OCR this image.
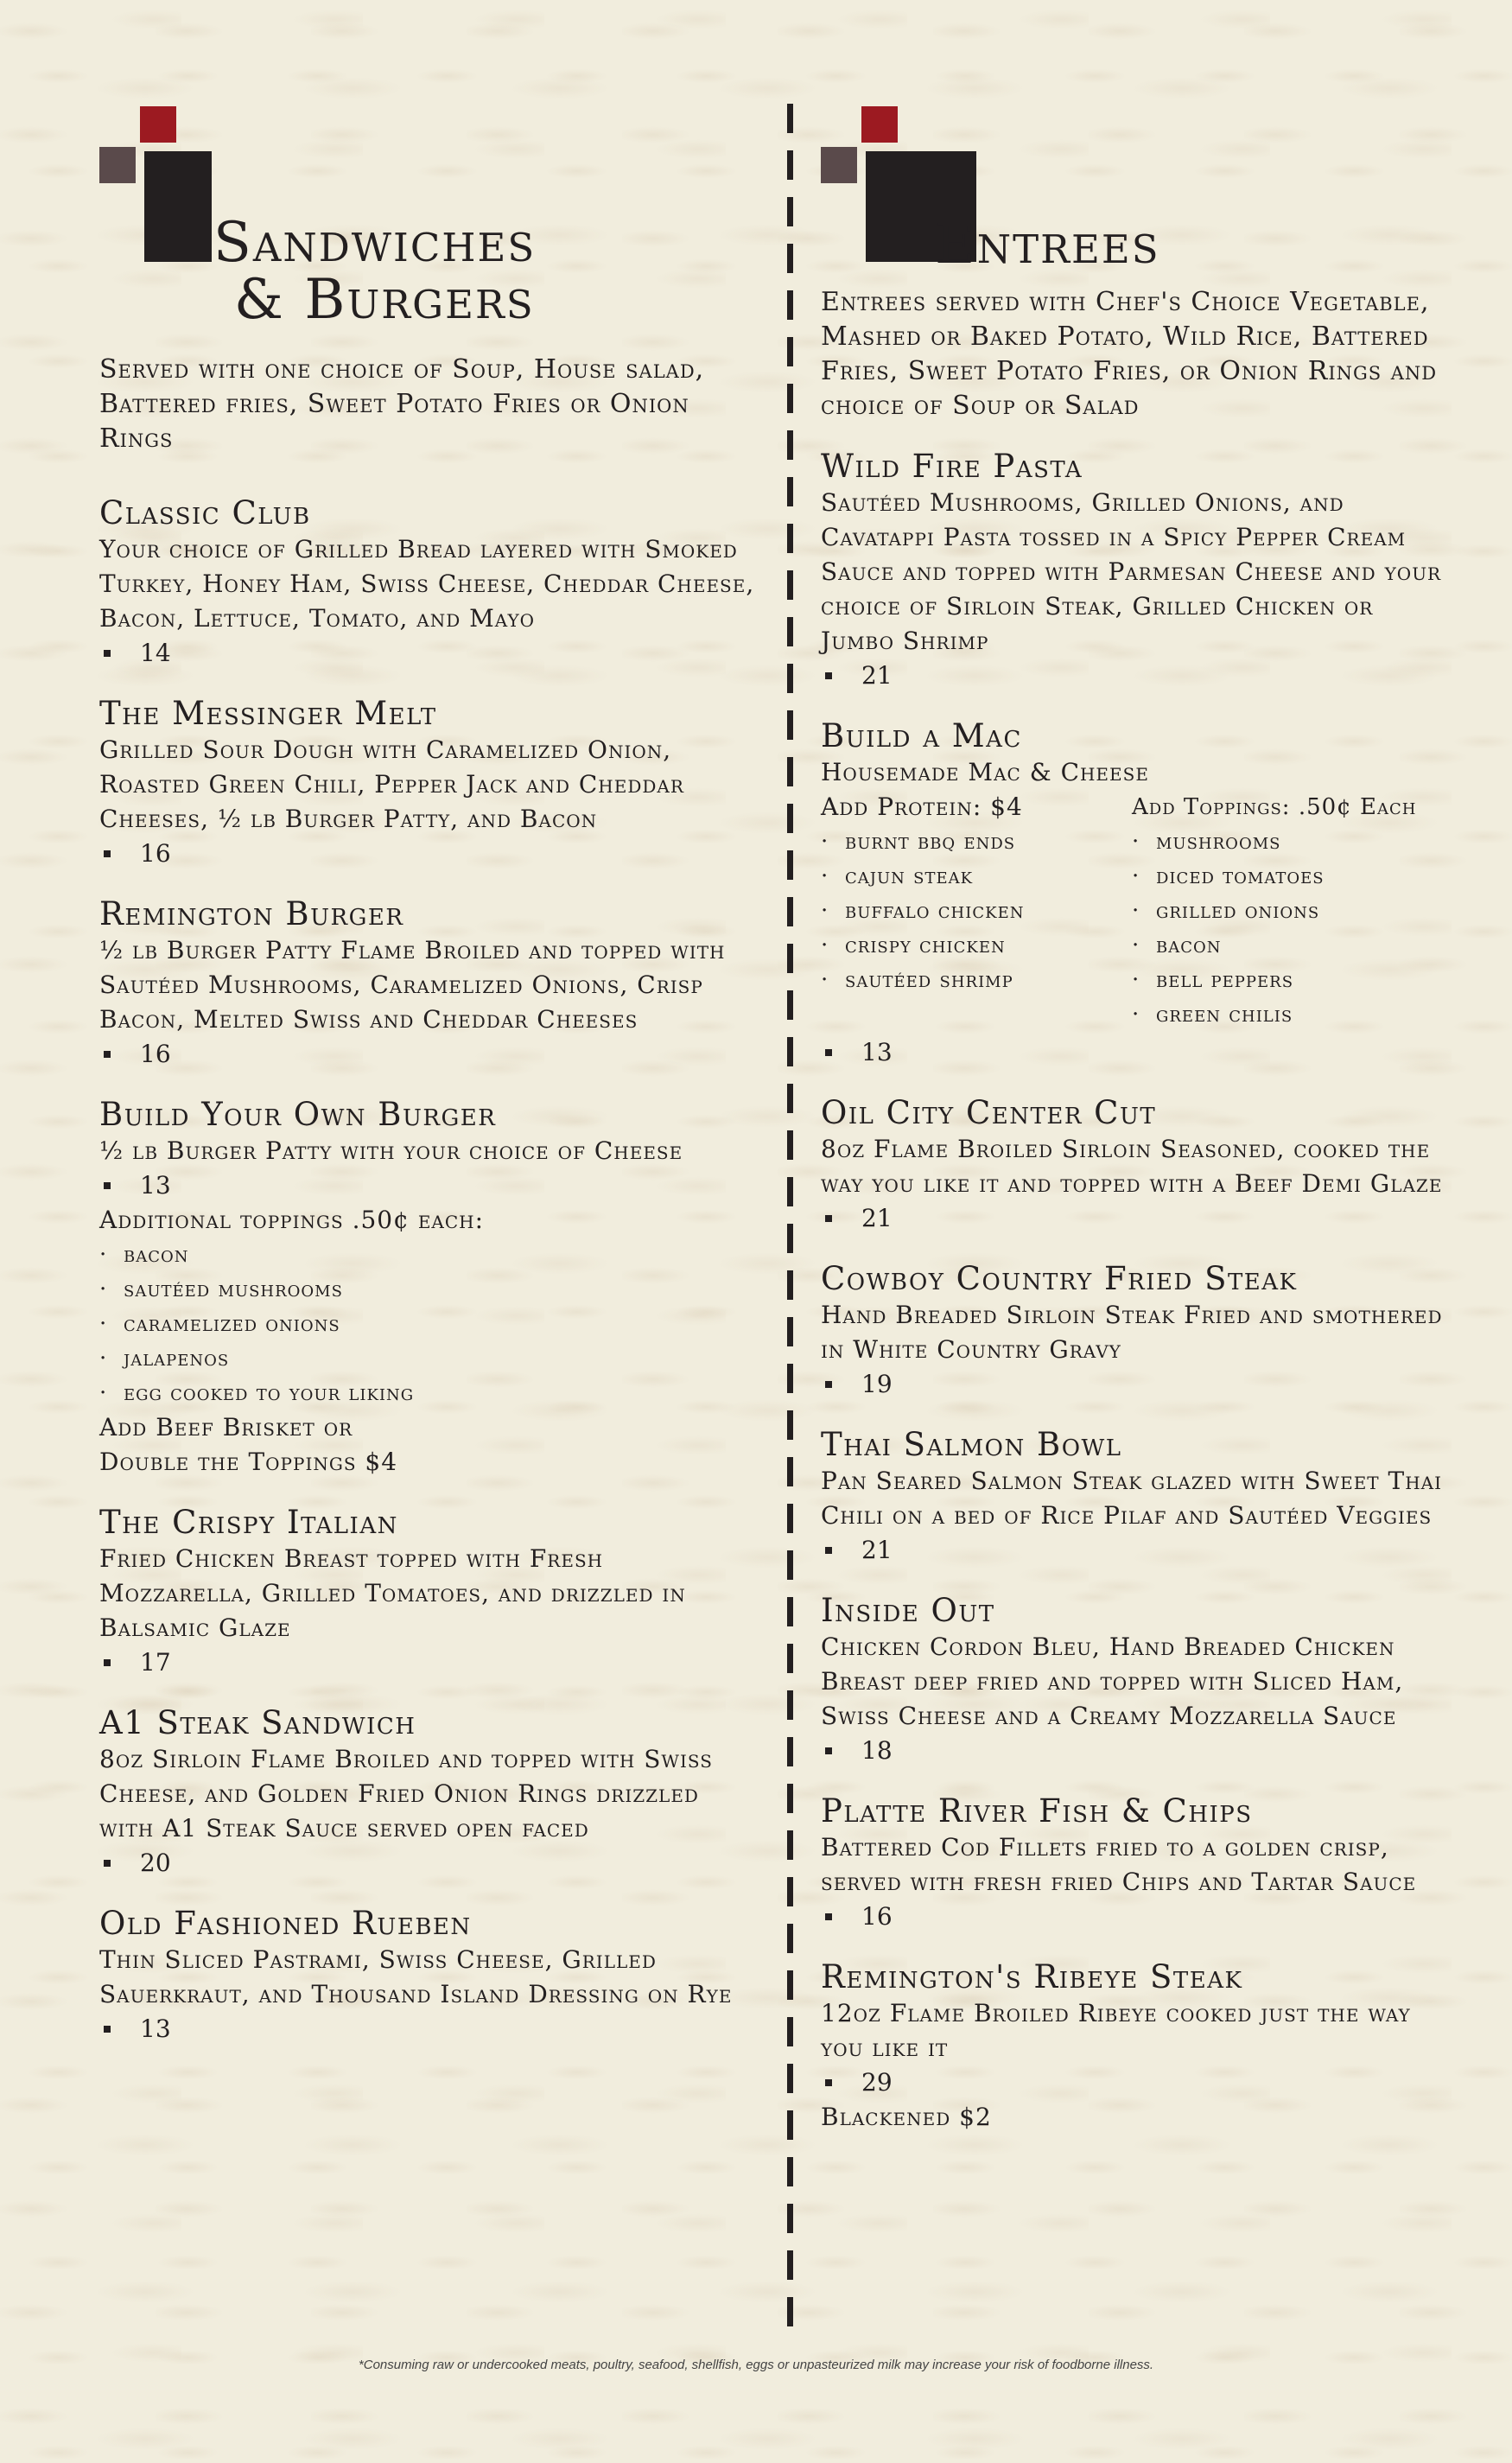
Sandwiches
& Burgers
Served with one choice of Soup, House salad, Battered fries, Sweet Potato Fries or Onion Rings
Classic Club
Your choice of Grilled Bread layered with Smoked Turkey, Honey Ham, Swiss Cheese, Cheddar Cheese, Bacon, Lettuce, Tomato, and Mayo
14
The Messinger Melt
Grilled Sour Dough with Caramelized Onion, Roasted Green Chili, Pepper Jack and Cheddar Cheeses, ½ lb Burger Patty, and Bacon
16
Remington Burger
½ lb Burger Patty Flame Broiled and topped with Sautéed Mushrooms, Caramelized Onions, Crisp Bacon, Melted Swiss and Cheddar Cheeses
16
Build Your Own Burger
½ lb Burger Patty with your choice of Cheese
13
Additional toppings .50¢ each:
· bacon
· sautéed mushrooms
· caramelized onions
· jalapenos
· egg cooked to your liking
Add Beef Brisket or
Double the Toppings $4
The Crispy Italian
Fried Chicken Breast topped with Fresh Mozzarella, Grilled Tomatoes, and drizzled in Balsamic Glaze
17
A1 Steak Sandwich
8oz Sirloin Flame Broiled and topped with Swiss Cheese, and Golden Fried Onion Rings drizzled with A1 Steak Sauce served open faced
20
Old Fashioned Rueben
Thin Sliced Pastrami, Swiss Cheese, Grilled Sauerkraut, and Thousand Island Dressing on Rye
13
Entrees
Entrees served with Chef's Choice Vegetable, Mashed or Baked Potato, Wild Rice, Battered Fries, Sweet Potato Fries, or Onion Rings and choice of Soup or Salad
Wild Fire Pasta
Sautéed Mushrooms, Grilled Onions, and Cavatappi Pasta tossed in a Spicy Pepper Cream Sauce and topped with Parmesan Cheese and your choice of Sirloin Steak, Grilled Chicken or Jumbo Shrimp
21
Build a Mac
Housemade Mac & Cheese
Add Protein: $4
· burnt bbq ends
· cajun steak
· buffalo chicken
· crispy chicken
· sautéed shrimp
Add Toppings: .50¢ Each
· mushrooms
· diced tomatoes
· grilled onions
· bacon
· bell peppers
· green chilis
13
Oil City Center Cut
8oz Flame Broiled Sirloin Seasoned, cooked the way you like it and topped with a Beef Demi Glaze
21
Cowboy Country Fried Steak
Hand Breaded Sirloin Steak Fried and smothered in White Country Gravy
19
Thai Salmon Bowl
Pan Seared Salmon Steak glazed with Sweet Thai Chili on a bed of Rice Pilaf and Sautéed Veggies
21
Inside Out
Chicken Cordon Bleu, Hand Breaded Chicken Breast deep fried and topped with Sliced Ham, Swiss Cheese and a Creamy Mozzarella Sauce
18
Platte River Fish & Chips
Battered Cod Fillets fried to a golden crisp, served with fresh fried Chips and Tartar Sauce
16
Remington's Ribeye Steak
12oz Flame Broiled Ribeye cooked just the way you like it
29
Blackened $2
*Consuming raw or undercooked meats, poultry, seafood, shellfish, eggs or unpasteurized milk may increase your risk of foodborne illness.
